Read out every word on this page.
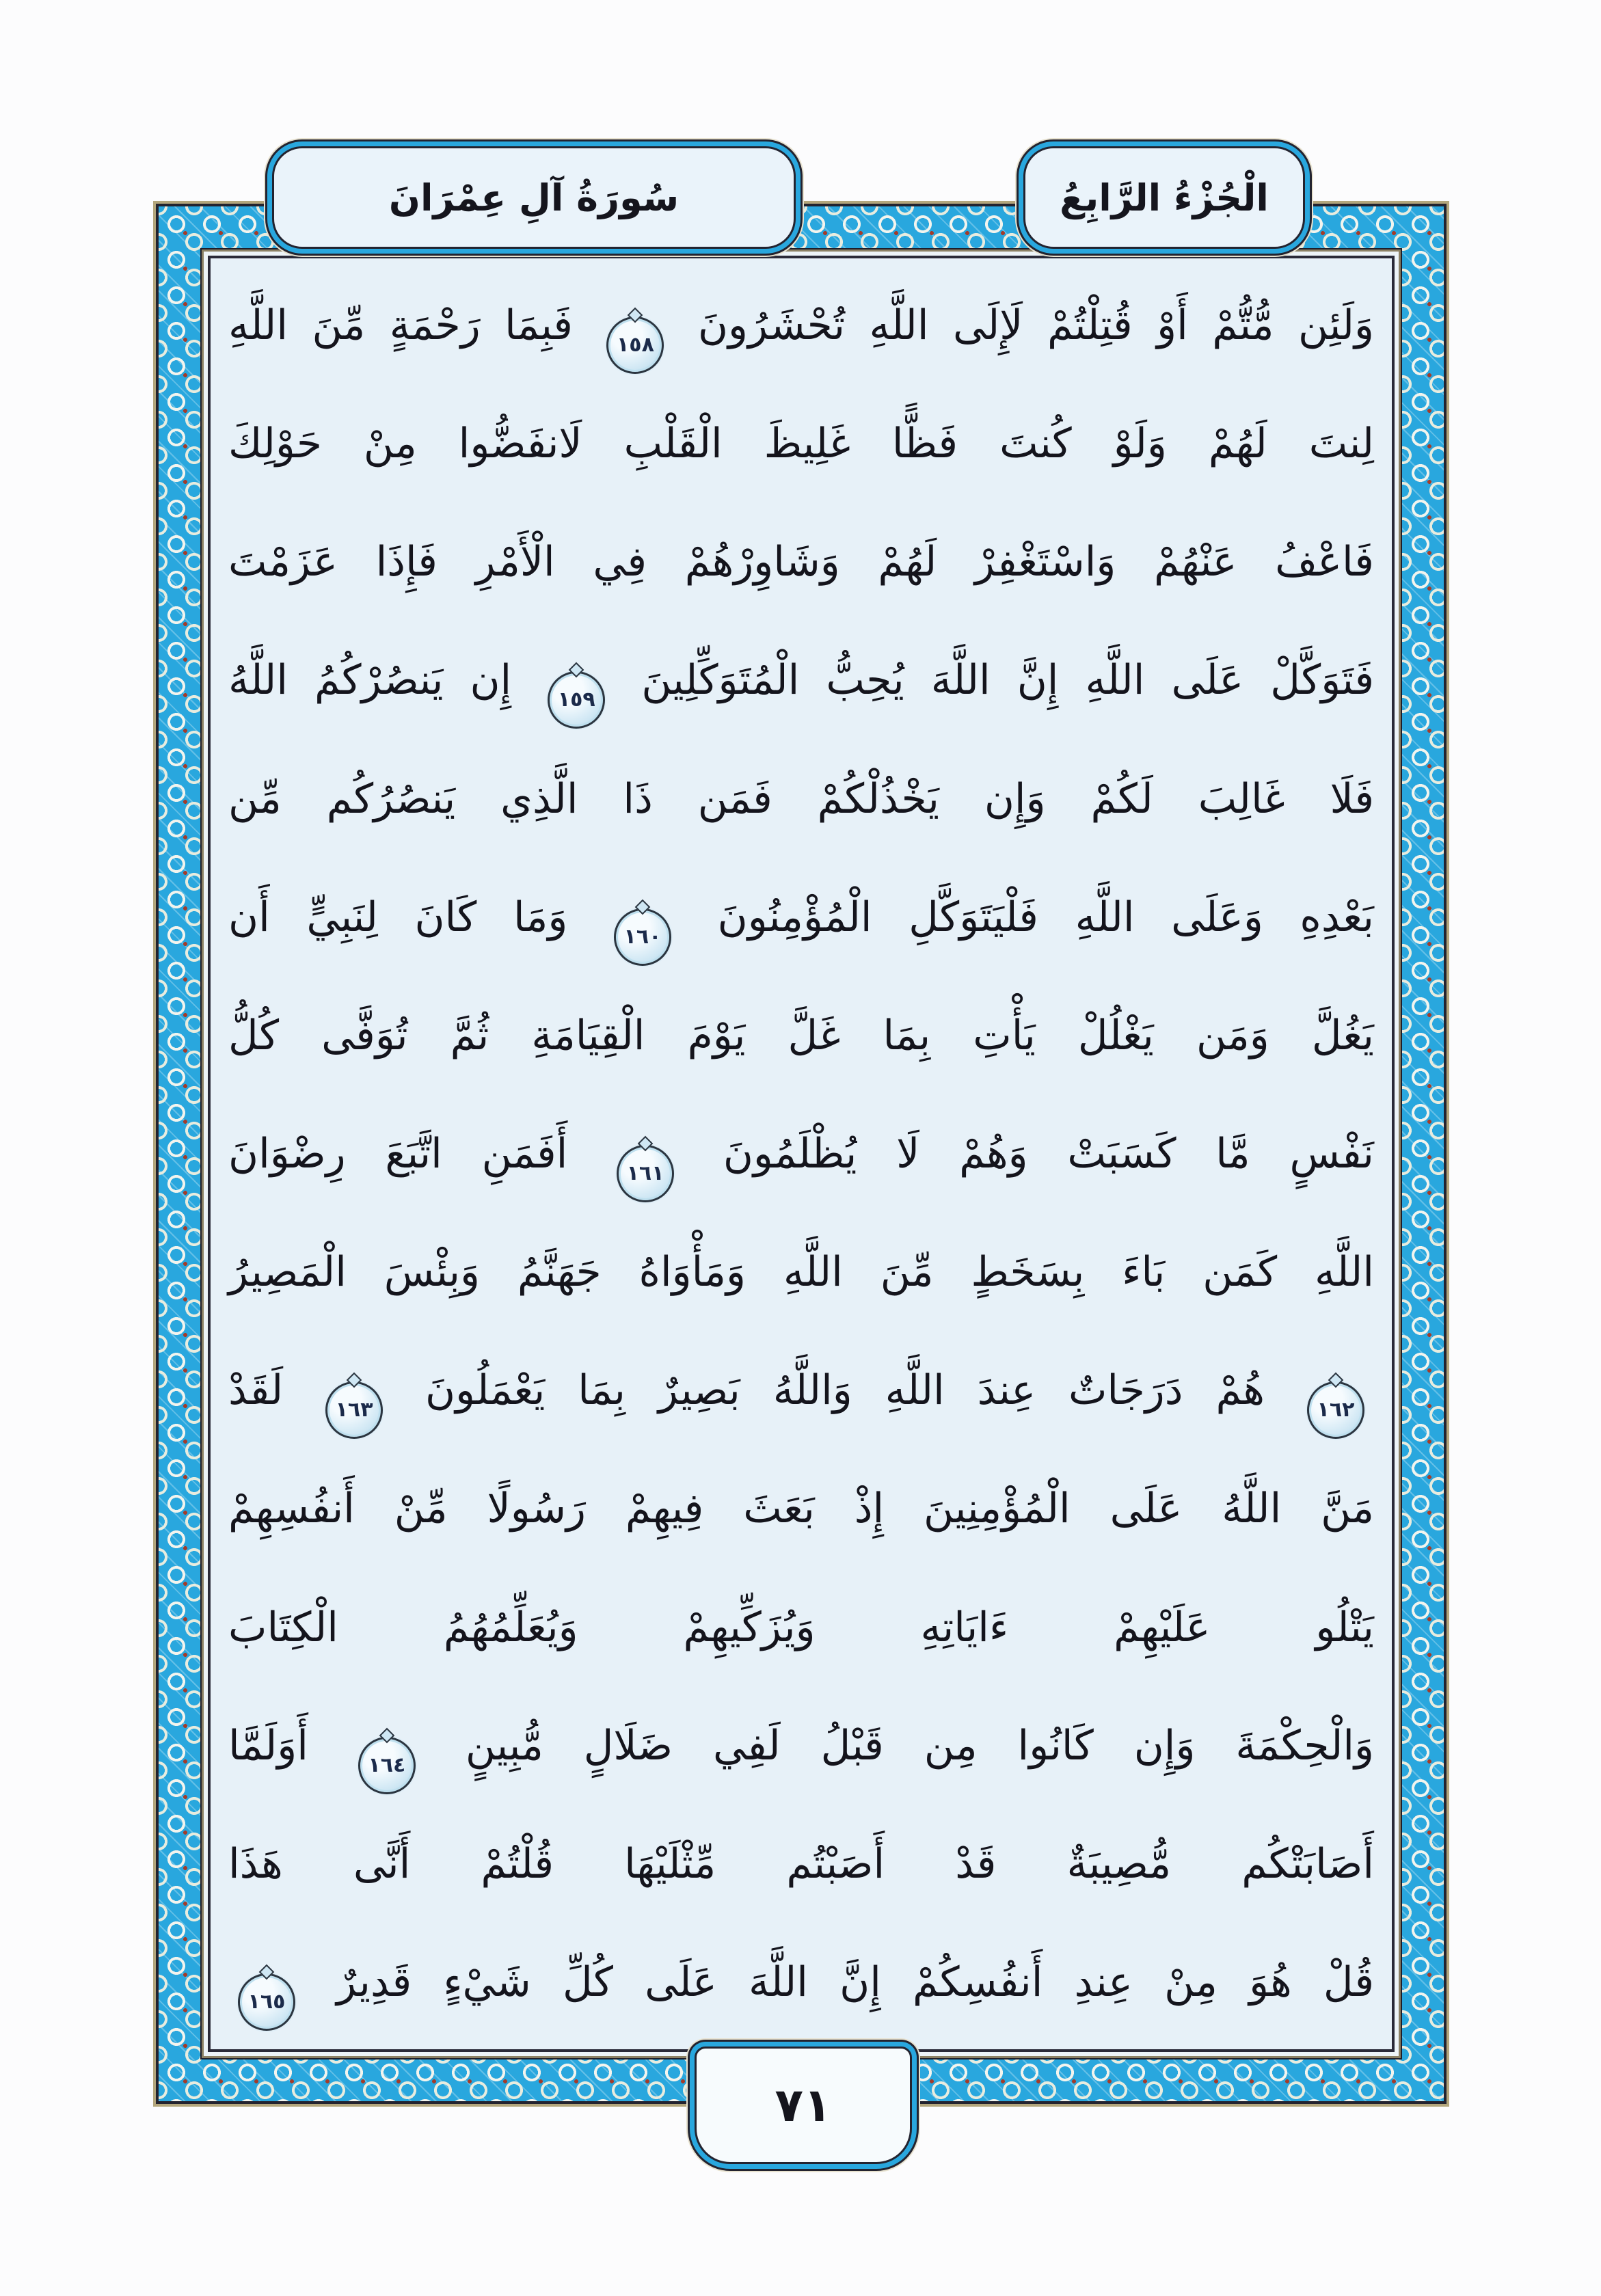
سُورَةُ آلِ عِمْرَانَ	الْجُزْءُ الرَّابِعُ
وَلَئِن مُّتُّمْ أَوْ قُتِلْتُمْ لَإِلَى اللَّهِ تُحْشَرُونَ
١٥٨
فَبِمَا رَحْمَةٍ مِّنَ اللَّهِ
لِنتَ لَهُمْ وَلَوْ كُنتَ فَظًّا غَلِيظَ الْقَلْبِ لَانفَضُّوا مِنْ حَوْلِكَ
فَاعْفُ عَنْهُمْ وَاسْتَغْفِرْ لَهُمْ وَشَاوِرْهُمْ فِي الْأَمْرِ فَإِذَا عَزَمْتَ
فَتَوَكَّلْ عَلَى اللَّهِ إِنَّ اللَّهَ يُحِبُّ الْمُتَوَكِّلِينَ
١٥٩
إِن يَنصُرْكُمُ اللَّهُ
فَلَا غَالِبَ لَكُمْ وَإِن يَخْذُلْكُمْ فَمَن ذَا الَّذِي يَنصُرُكُم مِّن
بَعْدِهِ وَعَلَى اللَّهِ فَلْيَتَوَكَّلِ الْمُؤْمِنُونَ
١٦٠
وَمَا كَانَ لِنَبِيٍّ أَن
يَغُلَّ وَمَن يَغْلُلْ يَأْتِ بِمَا غَلَّ يَوْمَ الْقِيَامَةِ ثُمَّ تُوَفَّى كُلُّ
نَفْسٍ مَّا كَسَبَتْ وَهُمْ لَا يُظْلَمُونَ
١٦١
أَفَمَنِ اتَّبَعَ رِضْوَانَ
اللَّهِ كَمَن بَاءَ بِسَخَطٍ مِّنَ اللَّهِ وَمَأْوَاهُ جَهَنَّمُ وَبِئْسَ الْمَصِيرُ
١٦٢
هُمْ دَرَجَاتٌ عِندَ اللَّهِ وَاللَّهُ بَصِيرٌ بِمَا يَعْمَلُونَ
١٦٣
لَقَدْ
مَنَّ اللَّهُ عَلَى الْمُؤْمِنِينَ إِذْ بَعَثَ فِيهِمْ رَسُولًا مِّنْ أَنفُسِهِمْ
يَتْلُو عَلَيْهِمْ ءَايَاتِهِ وَيُزَكِّيهِمْ وَيُعَلِّمُهُمُ الْكِتَابَ
وَالْحِكْمَةَ وَإِن كَانُوا مِن قَبْلُ لَفِي ضَلَالٍ مُّبِينٍ
١٦٤
أَوَلَمَّا
أَصَابَتْكُم مُّصِيبَةٌ قَدْ أَصَبْتُم مِّثْلَيْهَا قُلْتُمْ أَنَّى هَذَا
قُلْ هُوَ مِنْ عِندِ أَنفُسِكُمْ إِنَّ اللَّهَ عَلَى كُلِّ شَيْءٍ قَدِيرٌ
١٦٥
٧١
